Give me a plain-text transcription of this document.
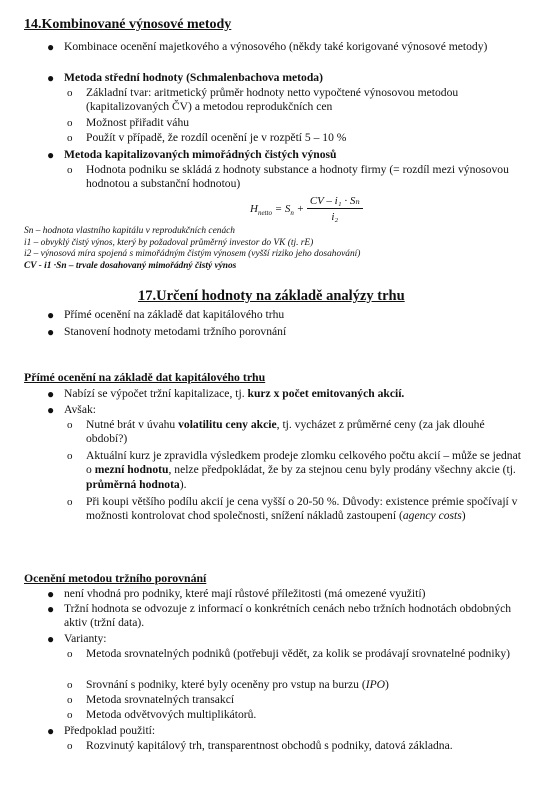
14.Kombinované výnosové metody
● Kombinace ocenění majetkového a výnosového (někdy také korigované výnosové metody)
● Metoda střední hodnoty (Schmalenbachova metoda)
o Základní tvar: aritmetický průměr hodnoty netto vypočtené výnosovou metodou (kapitalizovaných ČV) a metodou reprodukčních cen
o Možnost přiřadit váhu
o Použít v případě, že rozdíl ocenění je v rozpětí 5 – 10 %
● Metoda kapitalizovaných mimořádných čistých výnosů
o Hodnota podniku se skládá z hodnoty substance a hodnoty firmy (= rozdíl mezi výnosovou hodnotou a substanční hodnotou)
$H_{netto} = S_n + \frac{\text{CV – i₁ · Sₙ}}{\text{i₂}}$
Sn – hodnota vlastního kapitálu v reprodukčních cenách
i1 – obvyklý čistý výnos, který by požadoval průměrný investor do VK (tj. rE)
i2 – výnosová míra spojená s mimořádným čistým výnosem (vyšší riziko jeho dosahování)
CV - i1 ·Sn – trvale dosahovaný mimořádný čistý výnos
17.Určení hodnoty na základě analýzy trhu
● Přímé ocenění na základě dat kapitálového trhu
● Stanovení hodnoty metodami tržního porovnání
Přímé ocenění na základě dat kapitálového trhu
● Nabízí se výpočet tržní kapitalizace, tj. kurz x počet emitovaných akcií.
● Avšak:
o Nutné brát v úvahu volatilitu ceny akcie, tj. vycházet z průměrné ceny (za jak dlouhé období?)
o Aktuální kurz je zpravidla výsledkem prodeje zlomku celkového počtu akcií – může se jednat o mezní hodnotu, nelze předpokládat, že by za stejnou cenu byly prodány všechny akcie (tj. průměrná hodnota).
o Při koupi většího podílu akcií je cena vyšší o 20-50 %. Důvody: existence prémie spočívají v možnosti kontrolovat chod společnosti, snížení nákladů zastoupení (agency costs)
Ocenění metodou tržního porovnání
● není vhodná pro podniky, které mají růstové příležitosti (má omezené využití)
● Tržní hodnota se odvozuje z informací o konkrétních cenách nebo tržních hodnotách obdobných aktiv (tržní data).
● Varianty:
o Metoda srovnatelných podniků (potřebuji vědět, za kolik se prodávají srovnatelné podniky)
o Srovnání s podniky, které byly oceněny pro vstup na burzu (IPO)
o Metoda srovnatelných transakcí
o Metoda odvětvových multiplikátorů.
● Předpoklad použití:
o Rozvinutý kapitálový trh, transparentnost obchodů s podniky, datová základna.
